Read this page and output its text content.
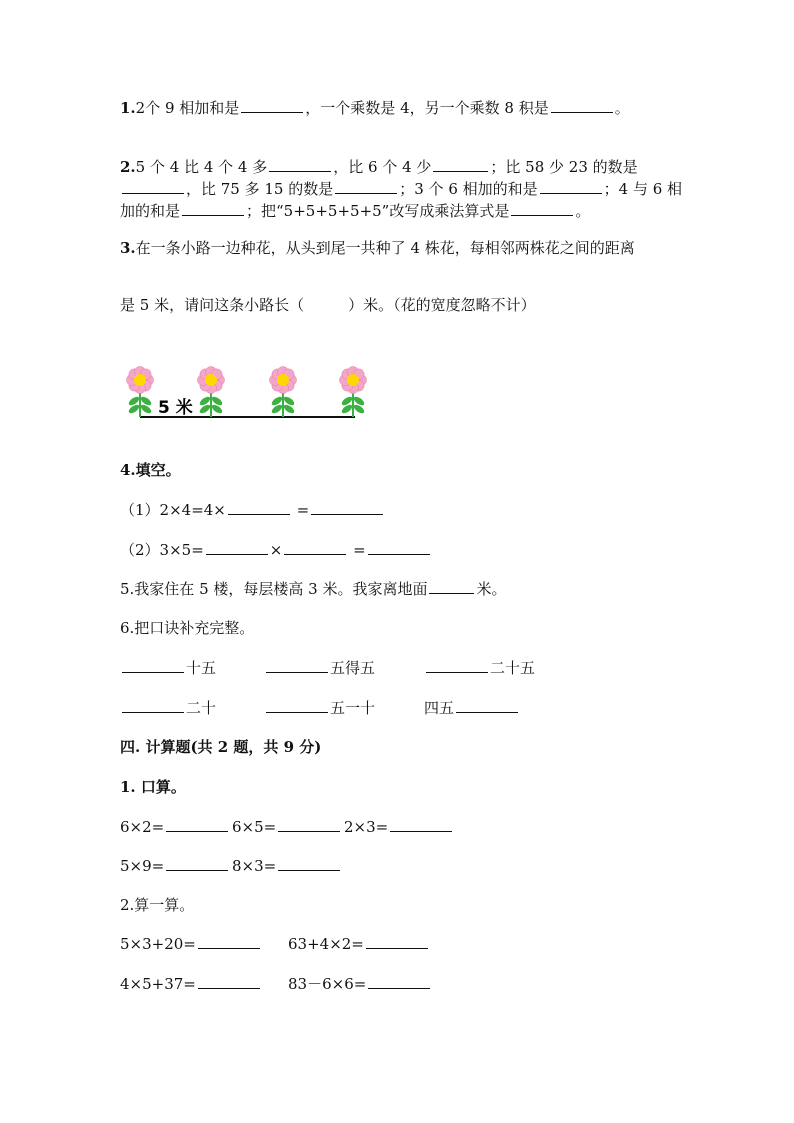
1.2个 9 相加和是	，一个乘数是 4，另一个乘数 8 积是	。
2.5 个 4 比 4 个 4 多	，比 6 个 4 少	；比 58 少 23 的数是
，比 75 多 15 的数是	；3 个 6 相加的和是	；4 与 6 相
加的和是	；把“5+5+5+5+5”改写成乘法算式是	。
3.在一条小路一边种花，从头到尾一共种了 4 株花，每相邻两株花之间的距离
是 5 米，请问这条小路长（	）米。（花的宽度忽略不计）
5 米
4.填空。
（1）2×4=4×	=
（2）3×5=	×	=
5.我家住在 5 楼，每层楼高 3 米。我家离地面	米。
6.把口诀补充完整。
十五	五得五	二十五
二十	五一十	四五
四. 计算题(共 2 题，共 9 分)
1. 口算。
6×2=	6×5=	2×3=
5×9=	8×3=
2.算一算。
5×3+20=	63+4×2=
4×5+37=	83－6×6=
